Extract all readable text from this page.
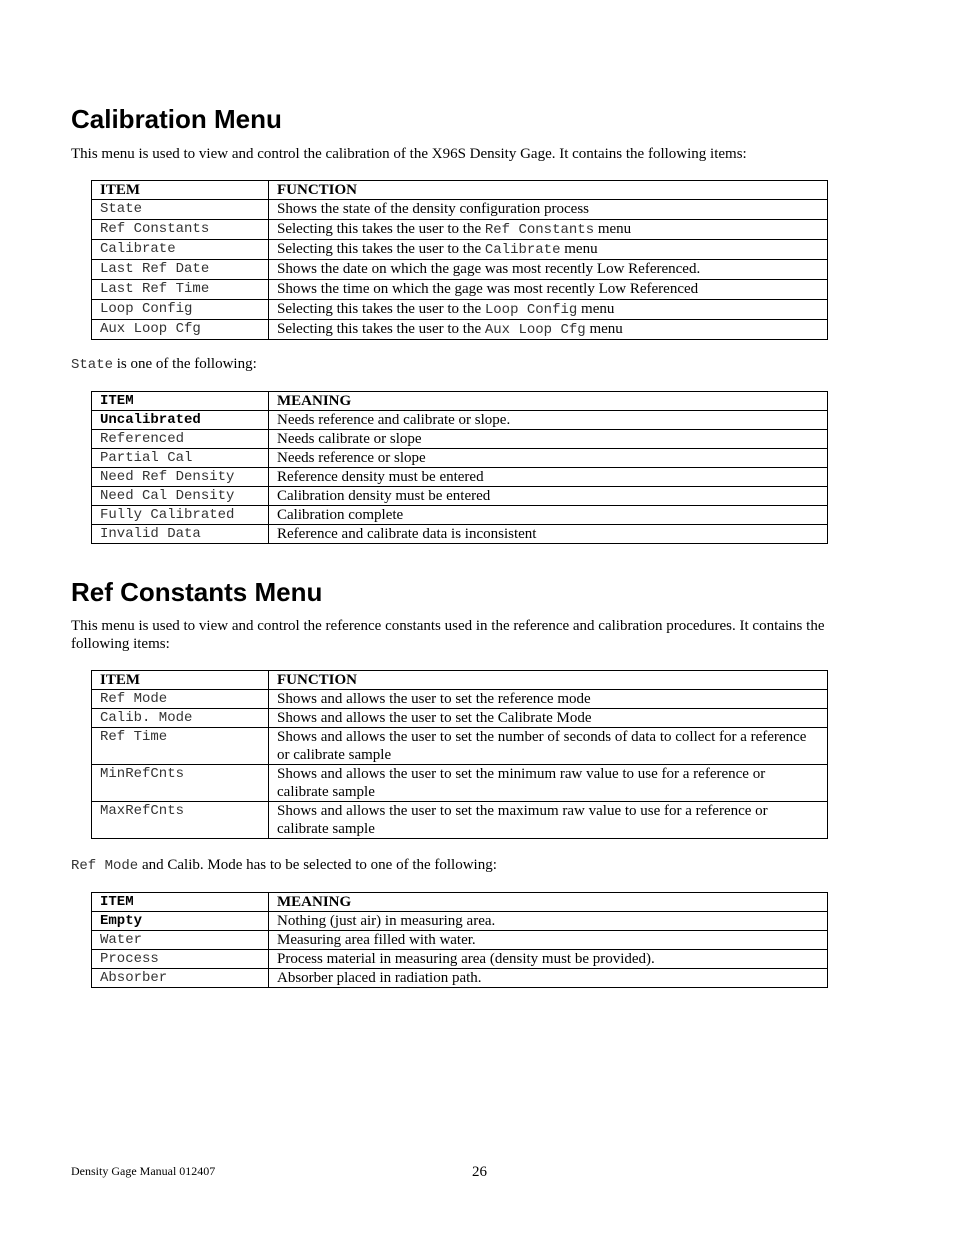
Calibration Menu

This menu is used to view and control the calibration of the X96S Density Gage. It contains the following items:

ITEM	FUNCTION
State	Shows the state of the density configuration process
Ref Constants	Selecting this takes the user to the Ref Constants menu
Calibrate	Selecting this takes the user to the Calibrate menu
Last Ref Date	Shows the date on which the gage was most recently Low Referenced.
Last Ref Time	Shows the time on which the gage was most recently Low Referenced
Loop Config	Selecting this takes the user to the Loop Config menu
Aux Loop Cfg	Selecting this takes the user to the Aux Loop Cfg menu

State is one of the following:

ITEM	MEANING
Uncalibrated	Needs reference and calibrate or slope.
Referenced	Needs calibrate or slope
Partial Cal	Needs reference or slope
Need Ref Density	Reference density must be entered
Need Cal Density	Calibration density must be entered
Fully Calibrated	Calibration complete
Invalid Data	Reference and calibrate data is inconsistent
Ref Constants Menu

This menu is used to view and control the reference constants used in the reference and calibration procedures. It contains the following items:

ITEM	FUNCTION
Ref Mode	Shows and allows the user to set the reference mode
Calib. Mode	Shows and allows the user to set the Calibrate Mode
Ref Time	Shows and allows the user to set the number of seconds of data to collect for a reference or calibrate sample
MinRefCnts	Shows and allows the user to set the minimum raw value to use for a reference or calibrate sample
MaxRefCnts	Shows and allows the user to set the maximum raw value to use for a reference or calibrate sample

Ref Mode and Calib. Mode has to be selected to one of the following:

ITEM	MEANING
Empty	Nothing (just air) in measuring area.
Water	Measuring area filled with water.
Process	Process material in measuring area (density must be provided).
Absorber	Absorber placed in radiation path.
Density Gage Manual 012407	26
